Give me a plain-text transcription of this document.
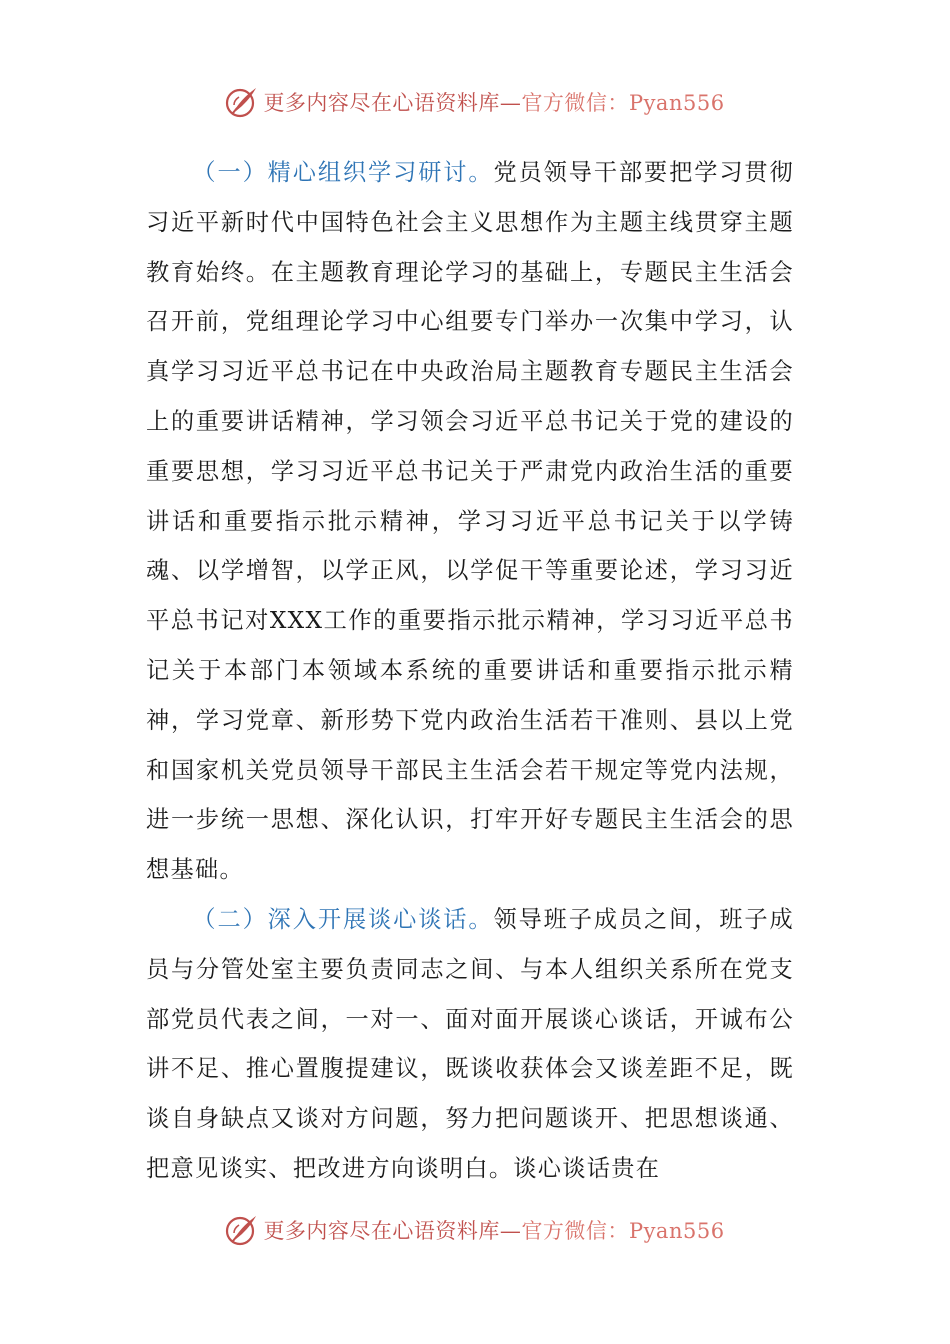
更多内容尽在心语资料库—官方微信：Pyan556

（一）精心组织学习研讨。党员领导干部要把学习贯彻习近平新时代中国特色社会主义思想作为主题主线贯穿主题教育始终。在主题教育理论学习的基础上，专题民主生活会召开前，党组理论学习中心组要专门举办一次集中学习，认真学习习近平总书记在中央政治局主题教育专题民主生活会上的重要讲话精神，学习领会习近平总书记关于党的建设的重要思想，学习习近平总书记关于严肃党内政治生活的重要讲话和重要指示批示精神，学习习近平总书记关于以学铸魂、以学增智，以学正风，以学促干等重要论述，学习习近平总书记对XXX工作的重要指示批示精神，学习习近平总书记关于本部门本领域本系统的重要讲话和重要指示批示精神，学习党章、新形势下党内政治生活若干准则、县以上党和国家机关党员领导干部民主生活会若干规定等党内法规，进一步统一思想、深化认识，打牢开好专题民主生活会的思想基础。

（二）深入开展谈心谈话。领导班子成员之间，班子成员与分管处室主要负责同志之间、与本人组织关系所在党支部党员代表之间，一对一、面对面开展谈心谈话，开诚布公讲不足、推心置腹提建议，既谈收获体会又谈差距不足，既谈自身缺点又谈对方问题，努力把问题谈开、把思想谈通、把意见谈实、把改进方向谈明白。谈心谈话贵在

更多内容尽在心语资料库—官方微信：Pyan556
